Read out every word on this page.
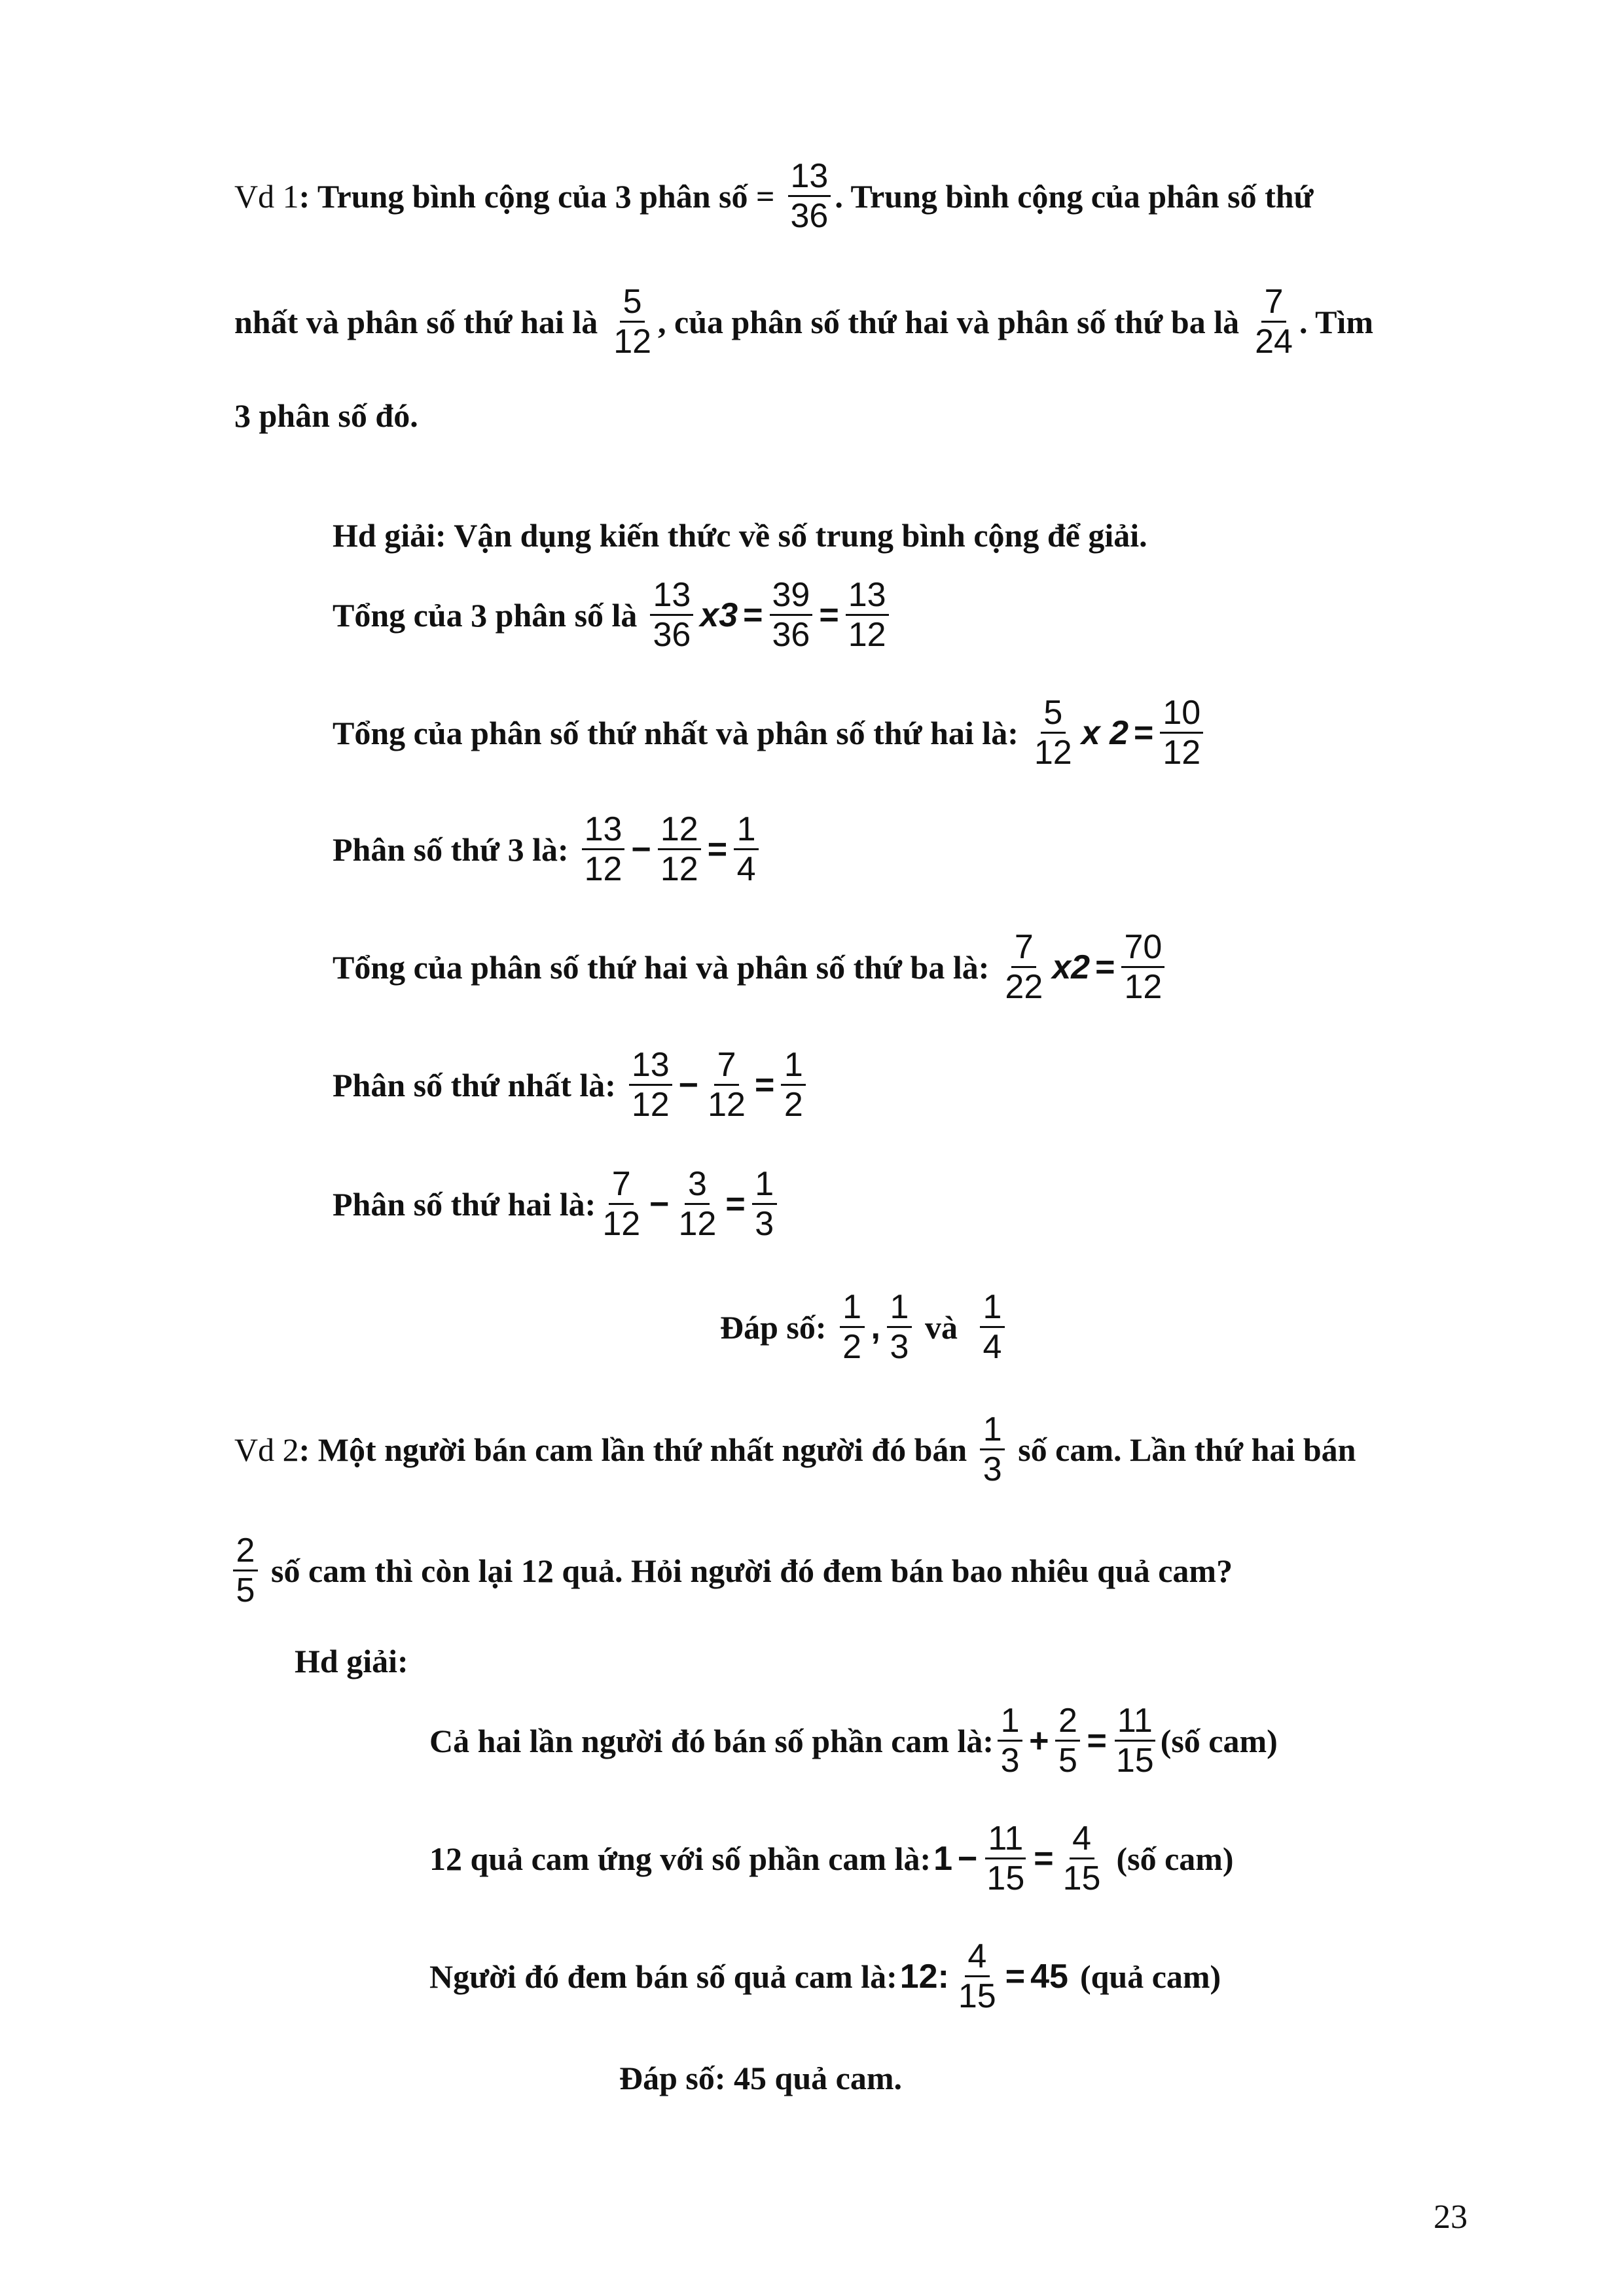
Vd 1 : Trung bình cộng của 3 phân số = $\frac{13}{36}$ . Trung bình cộng của phân số thứ
nhất và phân số thứ hai là $\frac{5}{12}$ , của phân số thứ hai và phân số thứ ba là $\frac{7}{24}$ . Tìm
3 phân số đó.
Hd giải: Vận dụng kiến thức về số trung bình cộng để giải.
Tổng của 3 phân số là $\frac{13}{36} x3 = \frac{39}{36} = \frac{13}{12}$
Tổng của phân số thứ nhất và phân số thứ hai là: $\frac{5}{12}$ x $2 = \frac{10}{12}$
Phân số thứ 3 là: $\frac{13}{12} - \frac{12}{12} = \frac{1}{4}$
Tổng của phân số thứ hai và phân số thứ ba là: $\frac{7}{22} x2 = \frac{70}{12}$
Phân số thứ nhất là: $\frac{13}{12} - \frac{7}{12} = \frac{1}{2}$
Phân số thứ hai là: $\frac{7}{12} - \frac{3}{12} = \frac{1}{3}$
Đáp số: $\frac{1}{2}$ , $\frac{1}{3}$ và $\frac{1}{4}$
Vd 2 : Một người bán cam lần thứ nhất người đó bán $\frac{1}{3}$ số cam. Lần thứ hai bán
$\frac{2}{5}$ số cam thì còn lại 12 quả. Hỏi người đó đem bán bao nhiêu quả cam?
Hd giải:
Cả hai lần người đó bán số phần cam là: $\frac{1}{3} + \frac{2}{5} = \frac{11}{15}$ (số cam)
12 quả cam ứng với số phần cam là: $1 - \frac{11}{15} = \frac{4}{15}$ (số cam)
Người đó đem bán số quả cam là: 12: $\frac{4}{15} = 45$ (quả cam)
Đáp số: 45 quả cam.
23
